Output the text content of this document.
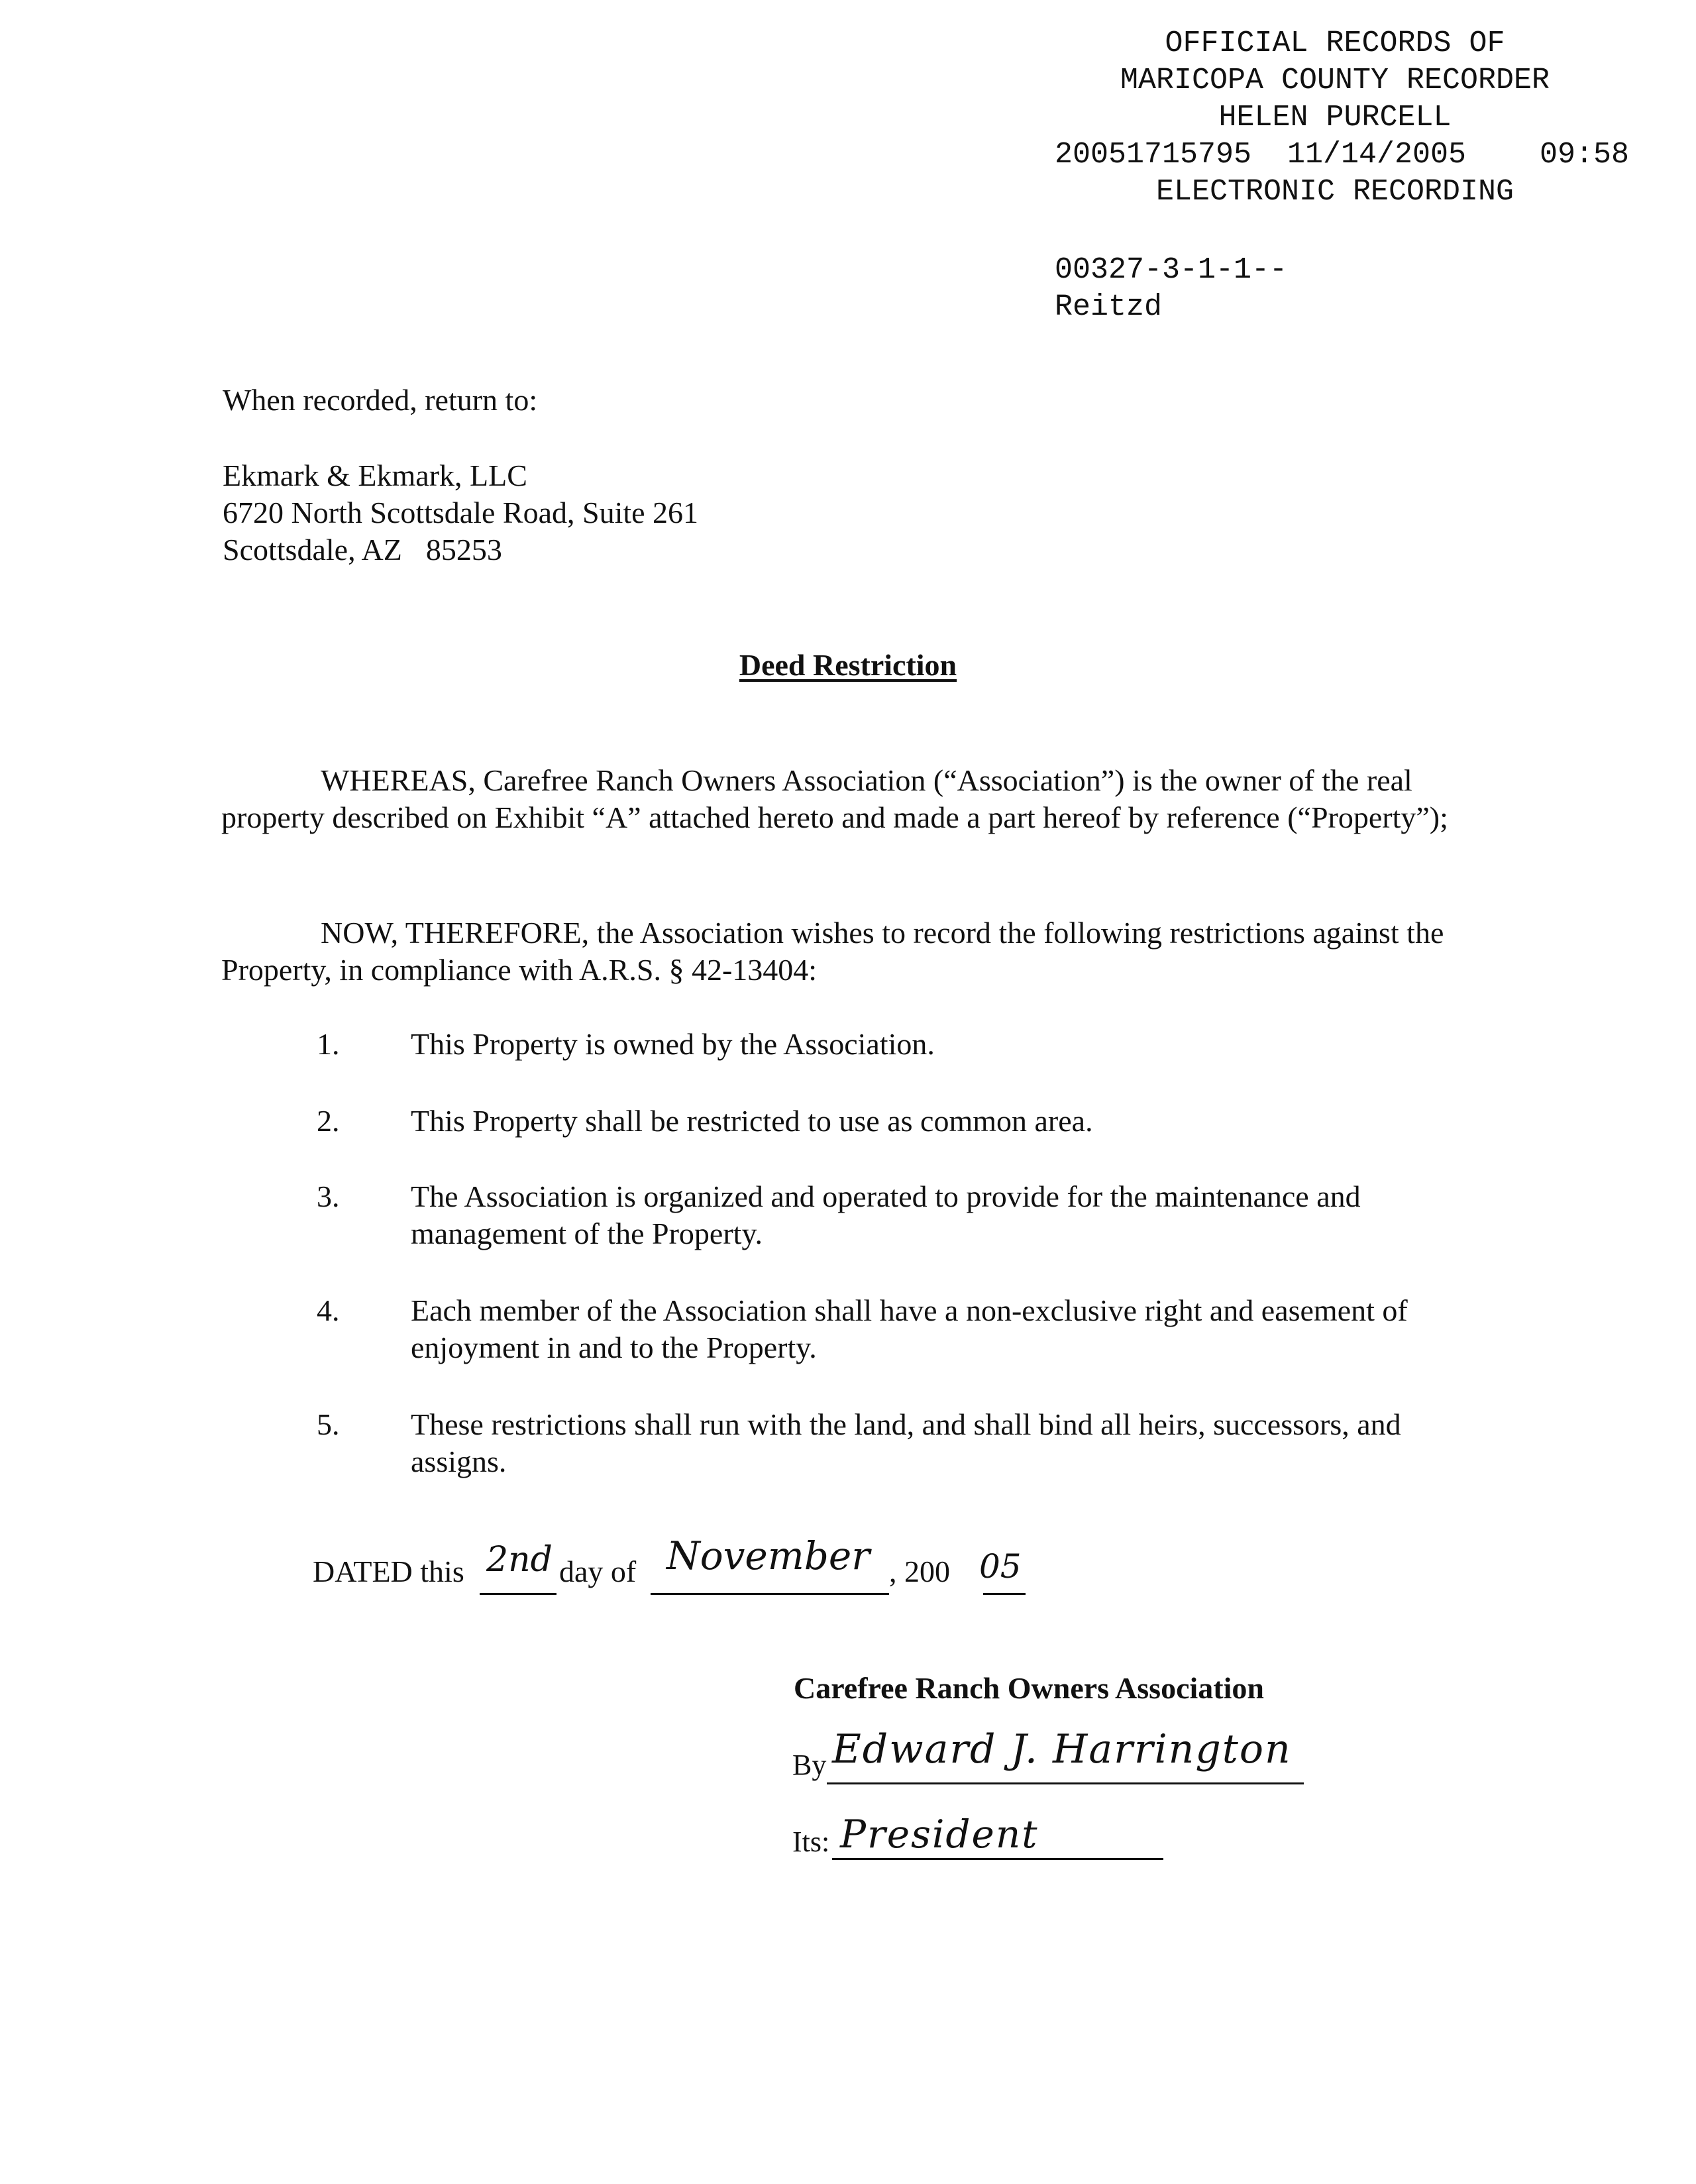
OFFICIAL RECORDS OF
MARICOPA COUNTY RECORDER
HELEN PURCELL
20051715795 11/14/2005 09:58
ELECTRONIC RECORDING
00327-3-1-1--
Reitzd
When recorded, return to:
Ekmark & Ekmark, LLC
6720 North Scottsdale Road, Suite 261
Scottsdale, AZ 85253
Deed Restriction
WHEREAS, Carefree Ranch Owners Association (“Association”) is the owner of the real property described on Exhibit “A” attached hereto and made a part hereof by reference (“Property”);
NOW, THEREFORE, the Association wishes to record the following restrictions against the Property, in compliance with A.R.S. § 42-13404:
1. This Property is owned by the Association.
2. This Property shall be restricted to use as common area.
3. The Association is organized and operated to provide for the maintenance and management of the Property.
4. Each member of the Association shall have a non-exclusive right and easement of enjoyment in and to the Property.
5. These restrictions shall run with the land, and shall bind all heirs, successors, and assigns.
DATED this 2nd day of November , 200 05
Carefree Ranch Owners Association
By Edward J. Harrington
Its: President
